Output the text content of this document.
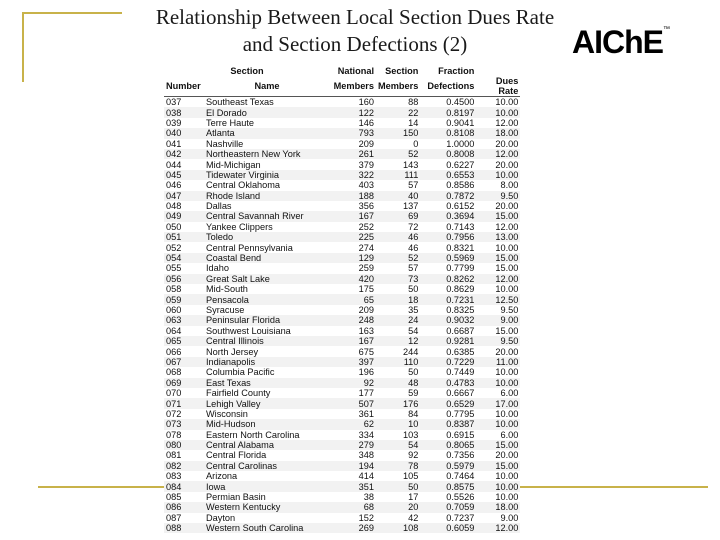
Relationship Between Local Section Dues Rate
and Section Defections (2)	AIChE™
Section		National	Section	Fraction	
Number	Name	Members	Members	Defections	Dues Rate
037	Southeast Texas	160	88	0.4500	10.00
038	El Dorado	122	22	0.8197	10.00
039	Terre Haute	146	14	0.9041	12.00
040	Atlanta	793	150	0.8108	18.00
041	Nashville	209	0	1.0000	20.00
042	Northeastern New York	261	52	0.8008	12.00
044	Mid-Michigan	379	143	0.6227	20.00
045	Tidewater Virginia	322	111	0.6553	10.00
046	Central Oklahoma	403	57	0.8586	8.00
047	Rhode Island	188	40	0.7872	9.50
048	Dallas	356	137	0.6152	20.00
049	Central Savannah River	167	69	0.3694	15.00
050	Yankee Clippers	252	72	0.7143	12.00
051	Toledo	225	46	0.7956	13.00
052	Central Pennsylvania	274	46	0.8321	10.00
054	Coastal Bend	129	52	0.5969	15.00
055	Idaho	259	57	0.7799	15.00
056	Great Salt Lake	420	73	0.8262	12.00
058	Mid-South	175	50	0.8629	10.00
059	Pensacola	65	18	0.7231	12.50
060	Syracuse	209	35	0.8325	9.50
063	Peninsular Florida	248	24	0.9032	9.00
064	Southwest Louisiana	163	54	0.6687	15.00
065	Central Illinois	167	12	0.9281	9.50
066	North Jersey	675	244	0.6385	20.00
067	Indianapolis	397	110	0.7229	11.00
068	Columbia Pacific	196	50	0.7449	10.00
069	East Texas	92	48	0.4783	10.00
070	Fairfield County	177	59	0.6667	6.00
071	Lehigh Valley	507	176	0.6529	17.00
072	Wisconsin	361	84	0.7795	10.00
073	Mid-Hudson	62	10	0.8387	10.00
078	Eastern North Carolina	334	103	0.6915	6.00
080	Central Alabama	279	54	0.8065	15.00
081	Central Florida	348	92	0.7356	20.00
082	Central Carolinas	194	78	0.5979	15.00
083	Arizona	414	105	0.7464	10.00
084	Iowa	351	50	0.8575	10.00
085	Permian Basin	38	17	0.5526	10.00
086	Western Kentucky	68	20	0.7059	18.00
087	Dayton	152	42	0.7237	9.00
088	Western South Carolina	269	108	0.6059	12.00
